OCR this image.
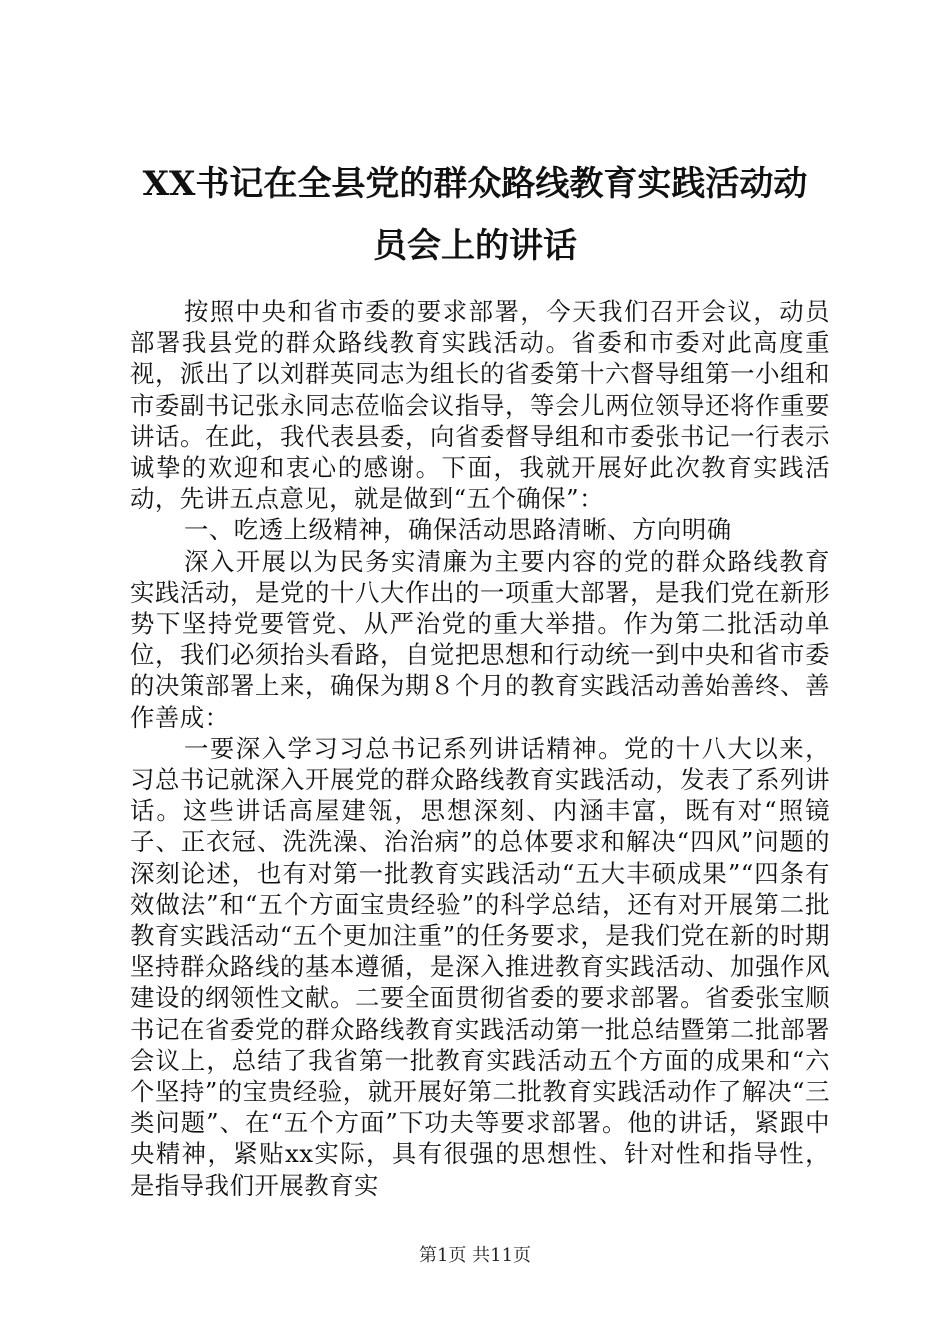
XX书记在全县党的群众路线教育实践活动动
员会上的讲话

按照中央和省市委的要求部署，今天我们召开会议，动员部署我县党的群众路线教育实践活动。省委和市委对此高度重视，派出了以刘群英同志为组长的省委第十六督导组第一小组和市委副书记张永同志莅临会议指导，等会儿两位领导还将作重要讲话。在此，我代表县委，向省委督导组和市委张书记一行表示诚挚的欢迎和衷心的感谢。下面，我就开展好此次教育实践活动，先讲五点意见，就是做到“五个确保”：

一、吃透上级精神，确保活动思路清晰、方向明确

深入开展以为民务实清廉为主要内容的党的群众路线教育实践活动，是党的十八大作出的一项重大部署，是我们党在新形势下坚持党要管党、从严治党的重大举措。作为第二批活动单位，我们必须抬头看路，自觉把思想和行动统一到中央和省市委的决策部署上来，确保为期８个月的教育实践活动善始善终、善作善成：

一要深入学习习总书记系列讲话精神。党的十八大以来，习总书记就深入开展党的群众路线教育实践活动，发表了系列讲话。这些讲话高屋建瓴，思想深刻、内涵丰富，既有对“照镜子、正衣冠、洗洗澡、治治病”的总体要求和解决“四风”问题的深刻论述，也有对第一批教育实践活动“五大丰硕成果”“四条有效做法”和“五个方面宝贵经验”的科学总结，还有对开展第二批教育实践活动“五个更加注重”的任务要求，是我们党在新的时期坚持群众路线的基本遵循，是深入推进教育实践活动、加强作风建设的纲领性文献。二要全面贯彻省委的要求部署。省委张宝顺书记在省委党的群众路线教育实践活动第一批总结暨第二批部署会议上，总结了我省第一批教育实践活动五个方面的成果和“六个坚持”的宝贵经验，就开展好第二批教育实践活动作了解决“三类问题”、在“五个方面”下功夫等要求部署。他的讲话，紧跟中央精神，紧贴xx实际，具有很强的思想性、针对性和指导性，是指导我们开展教育实

第1页 共11页
